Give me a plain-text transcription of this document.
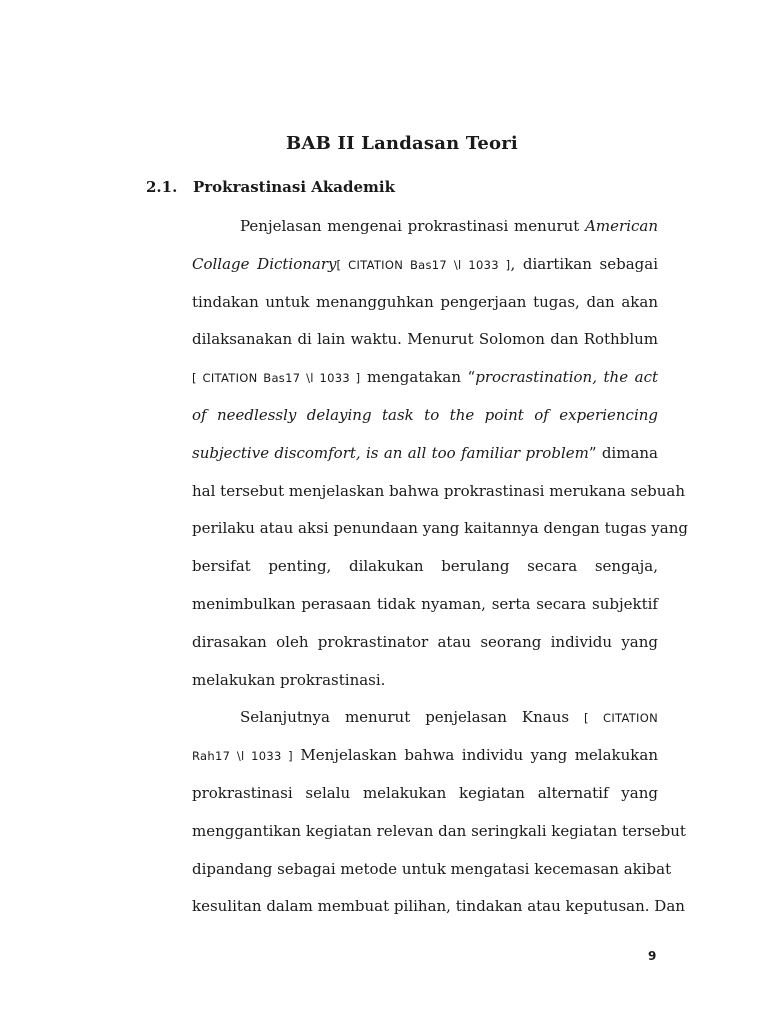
BAB II Landasan Teori
2.1. Prokrastinasi Akademik
Penjelasan mengenai prokrastinasi menurut American
Collage Dictionary[ CITATION Bas17 \l 1033 ], diartikan sebagai
tindakan untuk menangguhkan pengerjaan tugas, dan akan
dilaksanakan di lain waktu. Menurut Solomon dan Rothblum
[ CITATION Bas17 \l 1033 ] mengatakan “procrastination, the act
of needlessly delaying task to the point of experiencing
subjective discomfort, is an all too familiar problem” dimana
hal tersebut menjelaskan bahwa prokrastinasi merukana sebuah
perilaku atau aksi penundaan yang kaitannya dengan tugas yang
bersifat penting, dilakukan berulang secara sengaja,
menimbulkan perasaan tidak nyaman, serta secara subjektif
dirasakan oleh prokrastinator atau seorang individu yang
melakukan prokrastinasi.
Selanjutnya menurut penjelasan Knaus [ CITATION
Rah17 \l 1033 ] Menjelaskan bahwa individu yang melakukan
prokrastinasi selalu melakukan kegiatan alternatif yang
menggantikan kegiatan relevan dan seringkali kegiatan tersebut
dipandang sebagai metode untuk mengatasi kecemasan akibat
kesulitan dalam membuat pilihan, tindakan atau keputusan. Dan
9
